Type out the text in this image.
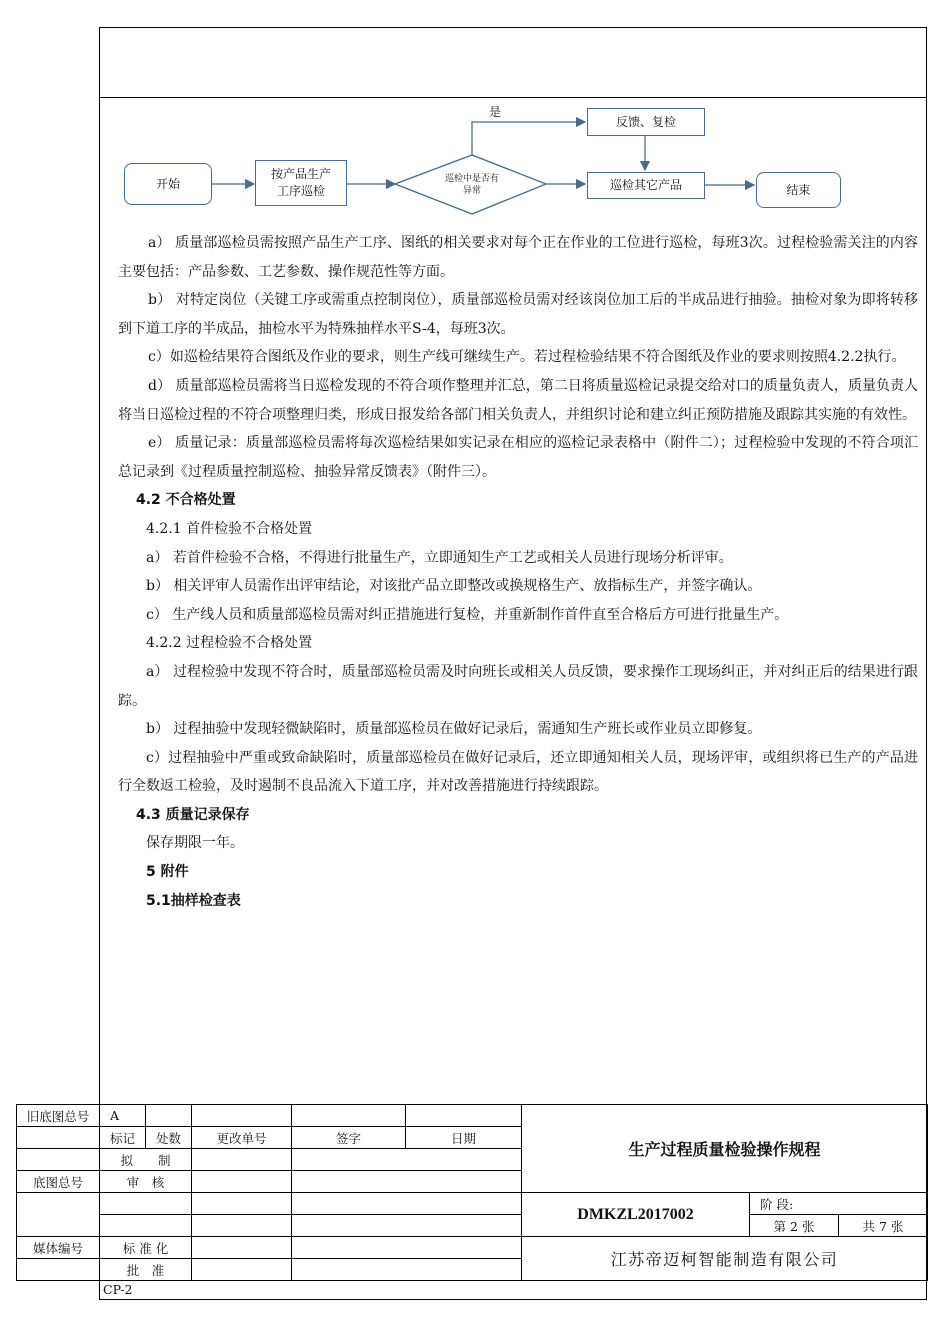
开始
按产品生产
工序巡检
巡检中是否有
异常
是
反馈、复检
巡检其它产品	结束

a） 质量部巡检员需按照产品生产工序、图纸的相关要求对每个正在作业的工位进行巡检，每班3次。过程检验需关注的内容主要包括：产品参数、工艺参数、操作规范性等方面。

b） 对特定岗位（关键工序或需重点控制岗位），质量部巡检员需对经该岗位加工后的半成品进行抽验。抽检对象为即将转移到下道工序的半成品，抽检水平为特殊抽样水平S-4，每班3次。

c）如巡检结果符合图纸及作业的要求，则生产线可继续生产。若过程检验结果不符合图纸及作业的要求则按照4.2.2执行。

d） 质量部巡检员需将当日巡检发现的不符合项作整理并汇总，第二日将质量巡检记录提交给对口的质量负责人，质量负责人将当日巡检过程的不符合项整理归类，形成日报发给各部门相关负责人，并组织讨论和建立纠正预防措施及跟踪其实施的有效性。

e） 质量记录：质量部巡检员需将每次巡检结果如实记录在相应的巡检记录表格中（附件二）；过程检验中发现的不符合项汇总记录到《过程质量控制巡检、抽验异常反馈表》（附件三）。

4.2 不合格处置

4.2.1 首件检验不合格处置

a） 若首件检验不合格，不得进行批量生产，立即通知生产工艺或相关人员进行现场分析评审。

b） 相关评审人员需作出评审结论，对该批产品立即整改或换规格生产、放指标生产，并签字确认。

c） 生产线人员和质量部巡检员需对纠正措施进行复检，并重新制作首件直至合格后方可进行批量生产。

4.2.2 过程检验不合格处置

a） 过程检验中发现不符合时，质量部巡检员需及时向班长或相关人员反馈，要求操作工现场纠正，并对纠正后的结果进行跟踪。

b） 过程抽验中发现轻微缺陷时，质量部巡检员在做好记录后，需通知生产班长或作业员立即修复。

c）过程抽验中严重或致命缺陷时，质量部巡检员在做好记录后，还立即通知相关人员，现场评审，或组织将已生产的产品进行全数返工检验，及时遏制不良品流入下道工序，并对改善措施进行持续跟踪。

4.3 质量记录保存

保存期限一年。

5 附件

5.1抽样检查表

旧底图总号	A					生产过程质量检验操作规程		
	标记	处数	更改单号	签字	日期			
	拟　　制							
底图总号	审　核							
						DMKZL2017002	阶 段:	
							第 2 张	共 7 张
媒体编号	标 准 化					江苏帝迈柯智能制造有限公司		
	批　准							
CP-2
